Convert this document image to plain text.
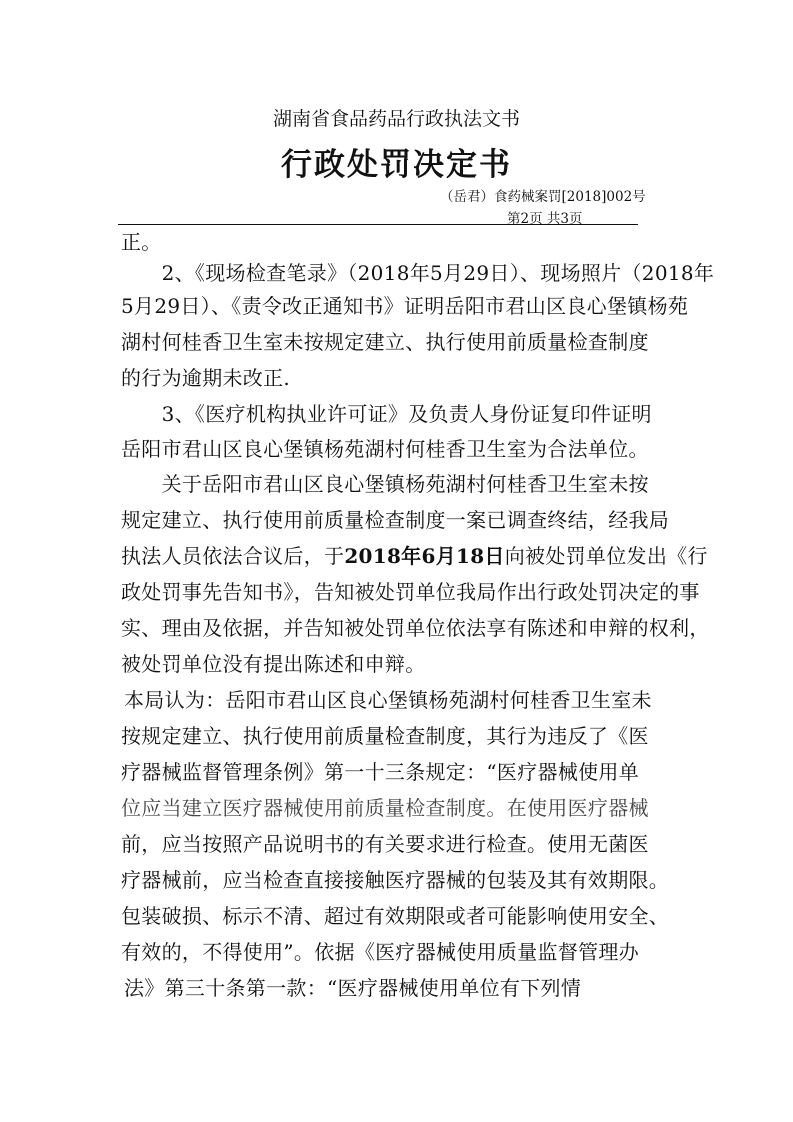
湖南省食品药品行政执法文书
行政处罚决定书
（岳君）食药械案罚[2018]002号
第2页 共3页
正。
　　2、《现场检查笔录》（2018年5月29日）、现场照片（2018年
5月29日）、《责令改正通知书》证明岳阳市君山区良心堡镇杨苑
湖村何桂香卫生室未按规定建立、执行使用前质量检查制度
的行为逾期未改正.
　　3、《医疗机构执业许可证》及负责人身份证复印件证明
岳阳市君山区良心堡镇杨苑湖村何桂香卫生室为合法单位。
　　关于岳阳市君山区良心堡镇杨苑湖村何桂香卫生室未按
规定建立、执行使用前质量检查制度一案已调查终结，经我局
执法人员依法合议后，于2018年6月18日向被处罚单位发出《行
政处罚事先告知书》，告知被处罚单位我局作出行政处罚决定的事
实、理由及依据，并告知被处罚单位依法享有陈述和申辩的权利，
被处罚单位没有提出陈述和申辩。
本局认为：岳阳市君山区良心堡镇杨苑湖村何桂香卫生室未
按规定建立、执行使用前质量检查制度，其行为违反了《医
疗器械监督管理条例》第一十三条规定：“医疗器械使用单
位应当建立医疗器械使用前质量检查制度。在使用医疗器械
前，应当按照产品说明书的有关要求进行检查。使用无菌医
疗器械前，应当检查直接接触医疗器械的包装及其有效期限。
包装破损、标示不清、超过有效期限或者可能影响使用安全、
有效的，不得使用”。依据《医疗器械使用质量监督管理办
法》第三十条第一款：“医疗器械使用单位有下列情
